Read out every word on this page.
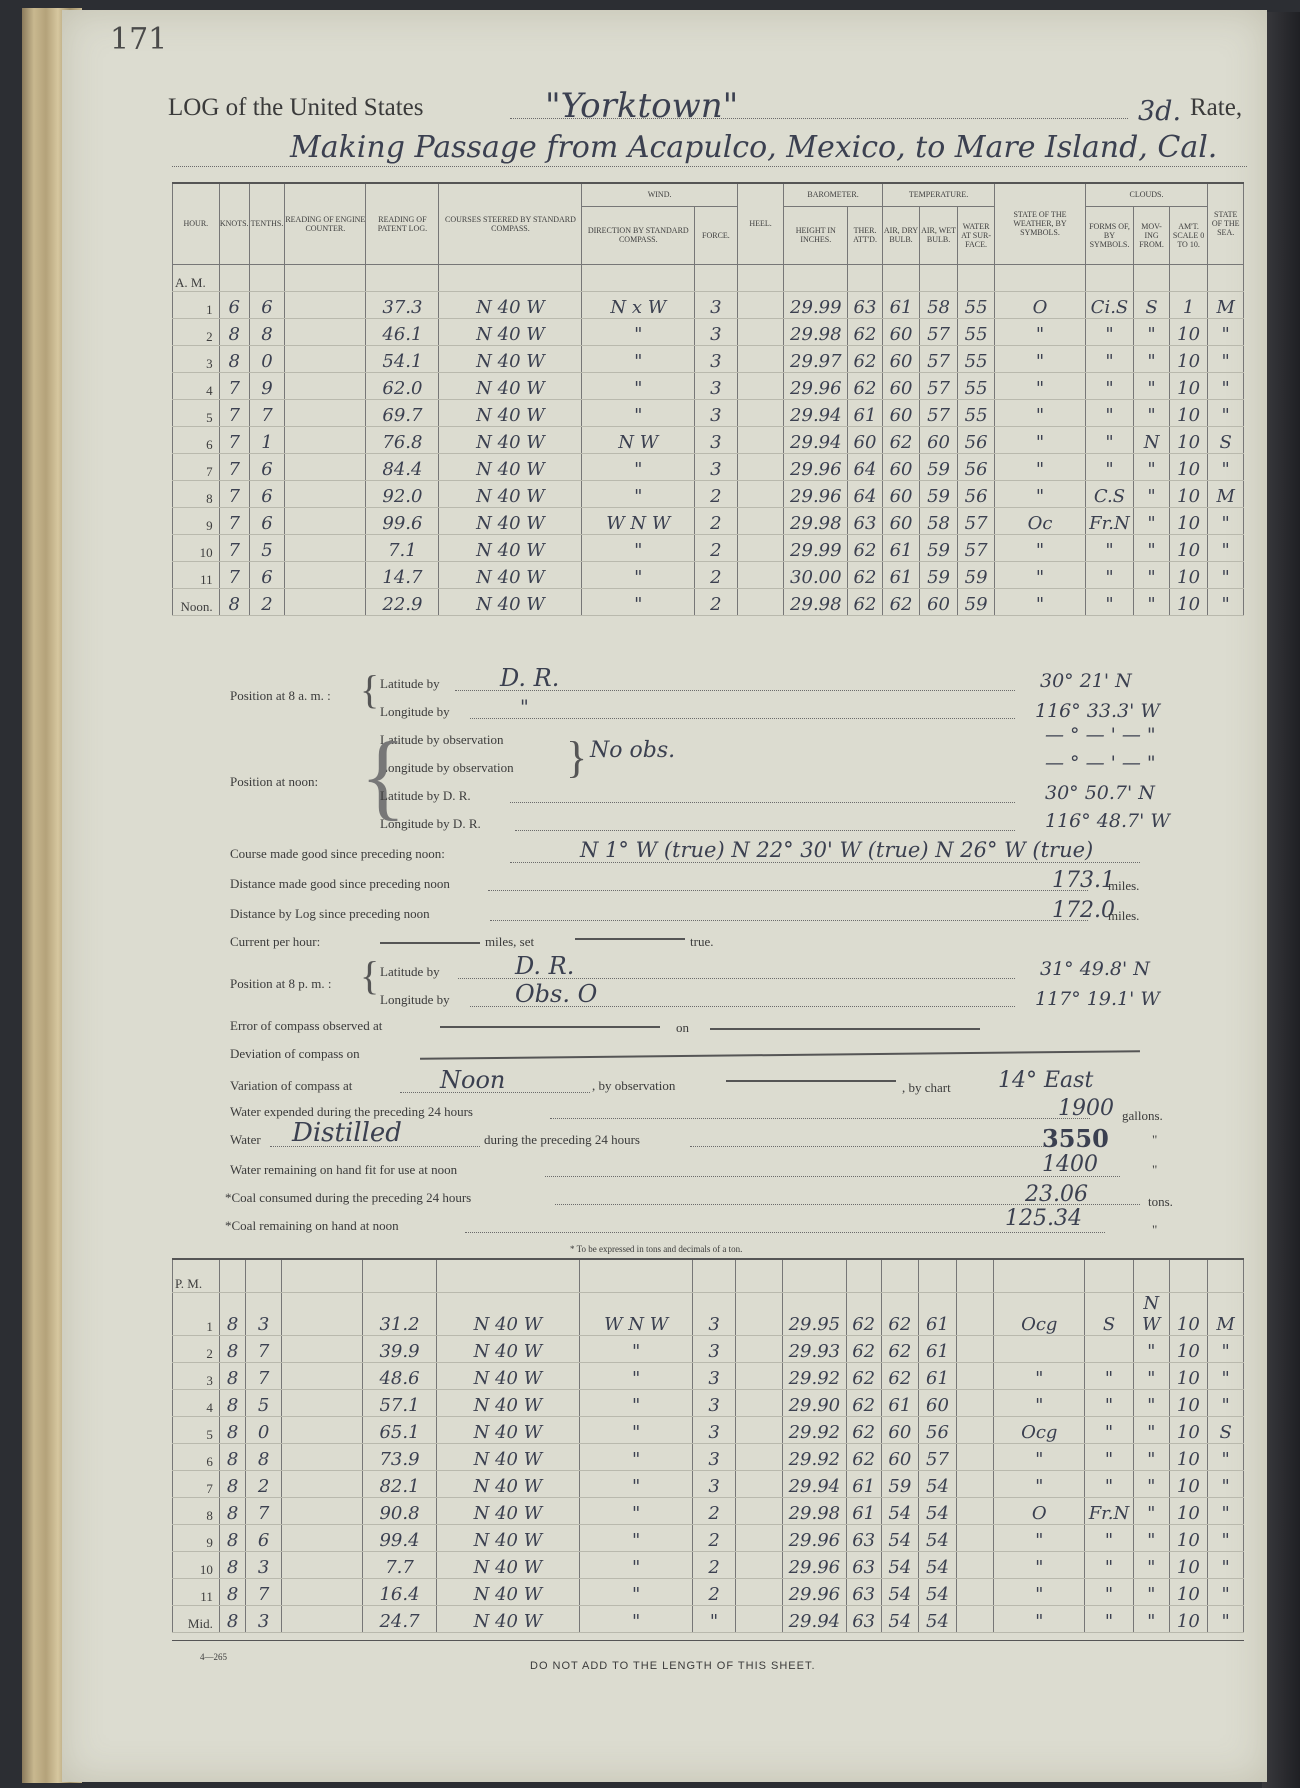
171
LOG of the United States	"Yorktown"	3d. Rate,
Making Passage from Acapulco, Mexico, to Mare Island, Cal.
HOUR.	KNOTS.	TENTHS.	READING OF ENGINE COUNTER.	READING OF PATENT LOG.	COURSES STEERED BY STANDARD COMPASS.	WIND.		HEEL.	BAROMETER.		TEMPERATURE.			STATE OF THE WEATHER, BY SYMBOLS.	CLOUDS.			STATE OF THE SEA.
						DIRECTION BY STANDARD COMPASS.	FORCE.		HEIGHT IN INCHES.	THER. ATT'D.	AIR, DRY BULB.	AIR, WET BULB.	WATER AT SUR-FACE.		FORMS OF, BY SYMBOLS.	MOV-ING FROM.	AM'T. SCALE 0 TO 10.	
A. M.																		
1	6	6		37.3	N 40 W	N x W	3		29.99	63	61	58	55	O	Ci.S	S	1	M
2	8	8		46.1	N 40 W	"	3		29.98	62	60	57	55	"	"	"	10	"
3	8	0		54.1	N 40 W	"	3		29.97	62	60	57	55	"	"	"	10	"
4	7	9		62.0	N 40 W	"	3		29.96	62	60	57	55	"	"	"	10	"
5	7	7		69.7	N 40 W	"	3		29.94	61	60	57	55	"	"	"	10	"
6	7	1		76.8	N 40 W	N W	3		29.94	60	62	60	56	"	"	N	10	S
7	7	6		84.4	N 40 W	"	3		29.96	64	60	59	56	"	"	"	10	"
8	7	6		92.0	N 40 W	"	2		29.96	64	60	59	56	"	C.S	"	10	M
9	7	6		99.6	N 40 W	W N W	2		29.98	63	60	58	57	Oc	Fr.N	"	10	"
10	7	5		7.1	N 40 W	"	2		29.99	62	61	59	57	"	"	"	10	"
11	7	6		14.7	N 40 W	"	2		30.00	62	61	59	59	"	"	"	10	"
Noon.	8	2		22.9	N 40 W	"	2		29.98	62	62	60	59	"	"	"	10	"
Position at 8 a. m. : { Latitude by	D. R.	30° 21' N
Longitude by	"	116° 33.3' W
Latitude by observation
Longitude by observation } No obs.
— ° — ' — "
— ° — ' — "
Position at noon: {
Latitude by D. R.	30° 50.7' N
Longitude by D. R.	116° 48.7' W
Course made good since preceding noon:	N 1° W (true) N 22° 30' W (true) N 26° W (true)
Distance made good since preceding noon	173.1
miles.
Distance by Log since preceding noon	172.0
miles.
Current per hour:	miles, set	true.
Position at 8 p. m. : { Latitude by	D. R.	31° 49.8' N
Longitude by	Obs. O	117° 19.1' W
Error of compass observed at	on
Deviation of compass on
Variation of compass at	Noon	, by observation	, by chart 14° East
Water expended during the preceding 24 hours	1900 gallons.
Water Distilled	during the preceding 24 hours	3550	"
Water remaining on hand fit for use at noon	1400	"
*Coal consumed during the preceding 24 hours	23.06	tons.
*Coal remaining on hand at noon	125.34	"
* To be expressed in tons and decimals of a ton.
P. M.																		
1	8	3		31.2	N 40 W	W N W	3		29.95	62	62	61		Ocg	S	N W	10	M
2	8	7		39.9	N 40 W	"	3		29.93	62	62	61				"	10	"
3	8	7		48.6	N 40 W	"	3		29.92	62	62	61		"	"	"	10	"
4	8	5		57.1	N 40 W	"	3		29.90	62	61	60		"	"	"	10	"
5	8	0		65.1	N 40 W	"	3		29.92	62	60	56		Ocg	"	"	10	S
6	8	8		73.9	N 40 W	"	3		29.92	62	60	57		"	"	"	10	"
7	8	2		82.1	N 40 W	"	3		29.94	61	59	54		"	"	"	10	"
8	8	7		90.8	N 40 W	"	2		29.98	61	54	54		O	Fr.N	"	10	"
9	8	6		99.4	N 40 W	"	2		29.96	63	54	54		"	"	"	10	"
10	8	3		7.7	N 40 W	"	2		29.96	63	54	54		"	"	"	10	"
11	8	7		16.4	N 40 W	"	2		29.96	63	54	54		"	"	"	10	"
Mid.	8	3		24.7	N 40 W	"	"		29.94	63	54	54		"	"	"	10	"
4—265
DO NOT ADD TO THE LENGTH OF THIS SHEET.
